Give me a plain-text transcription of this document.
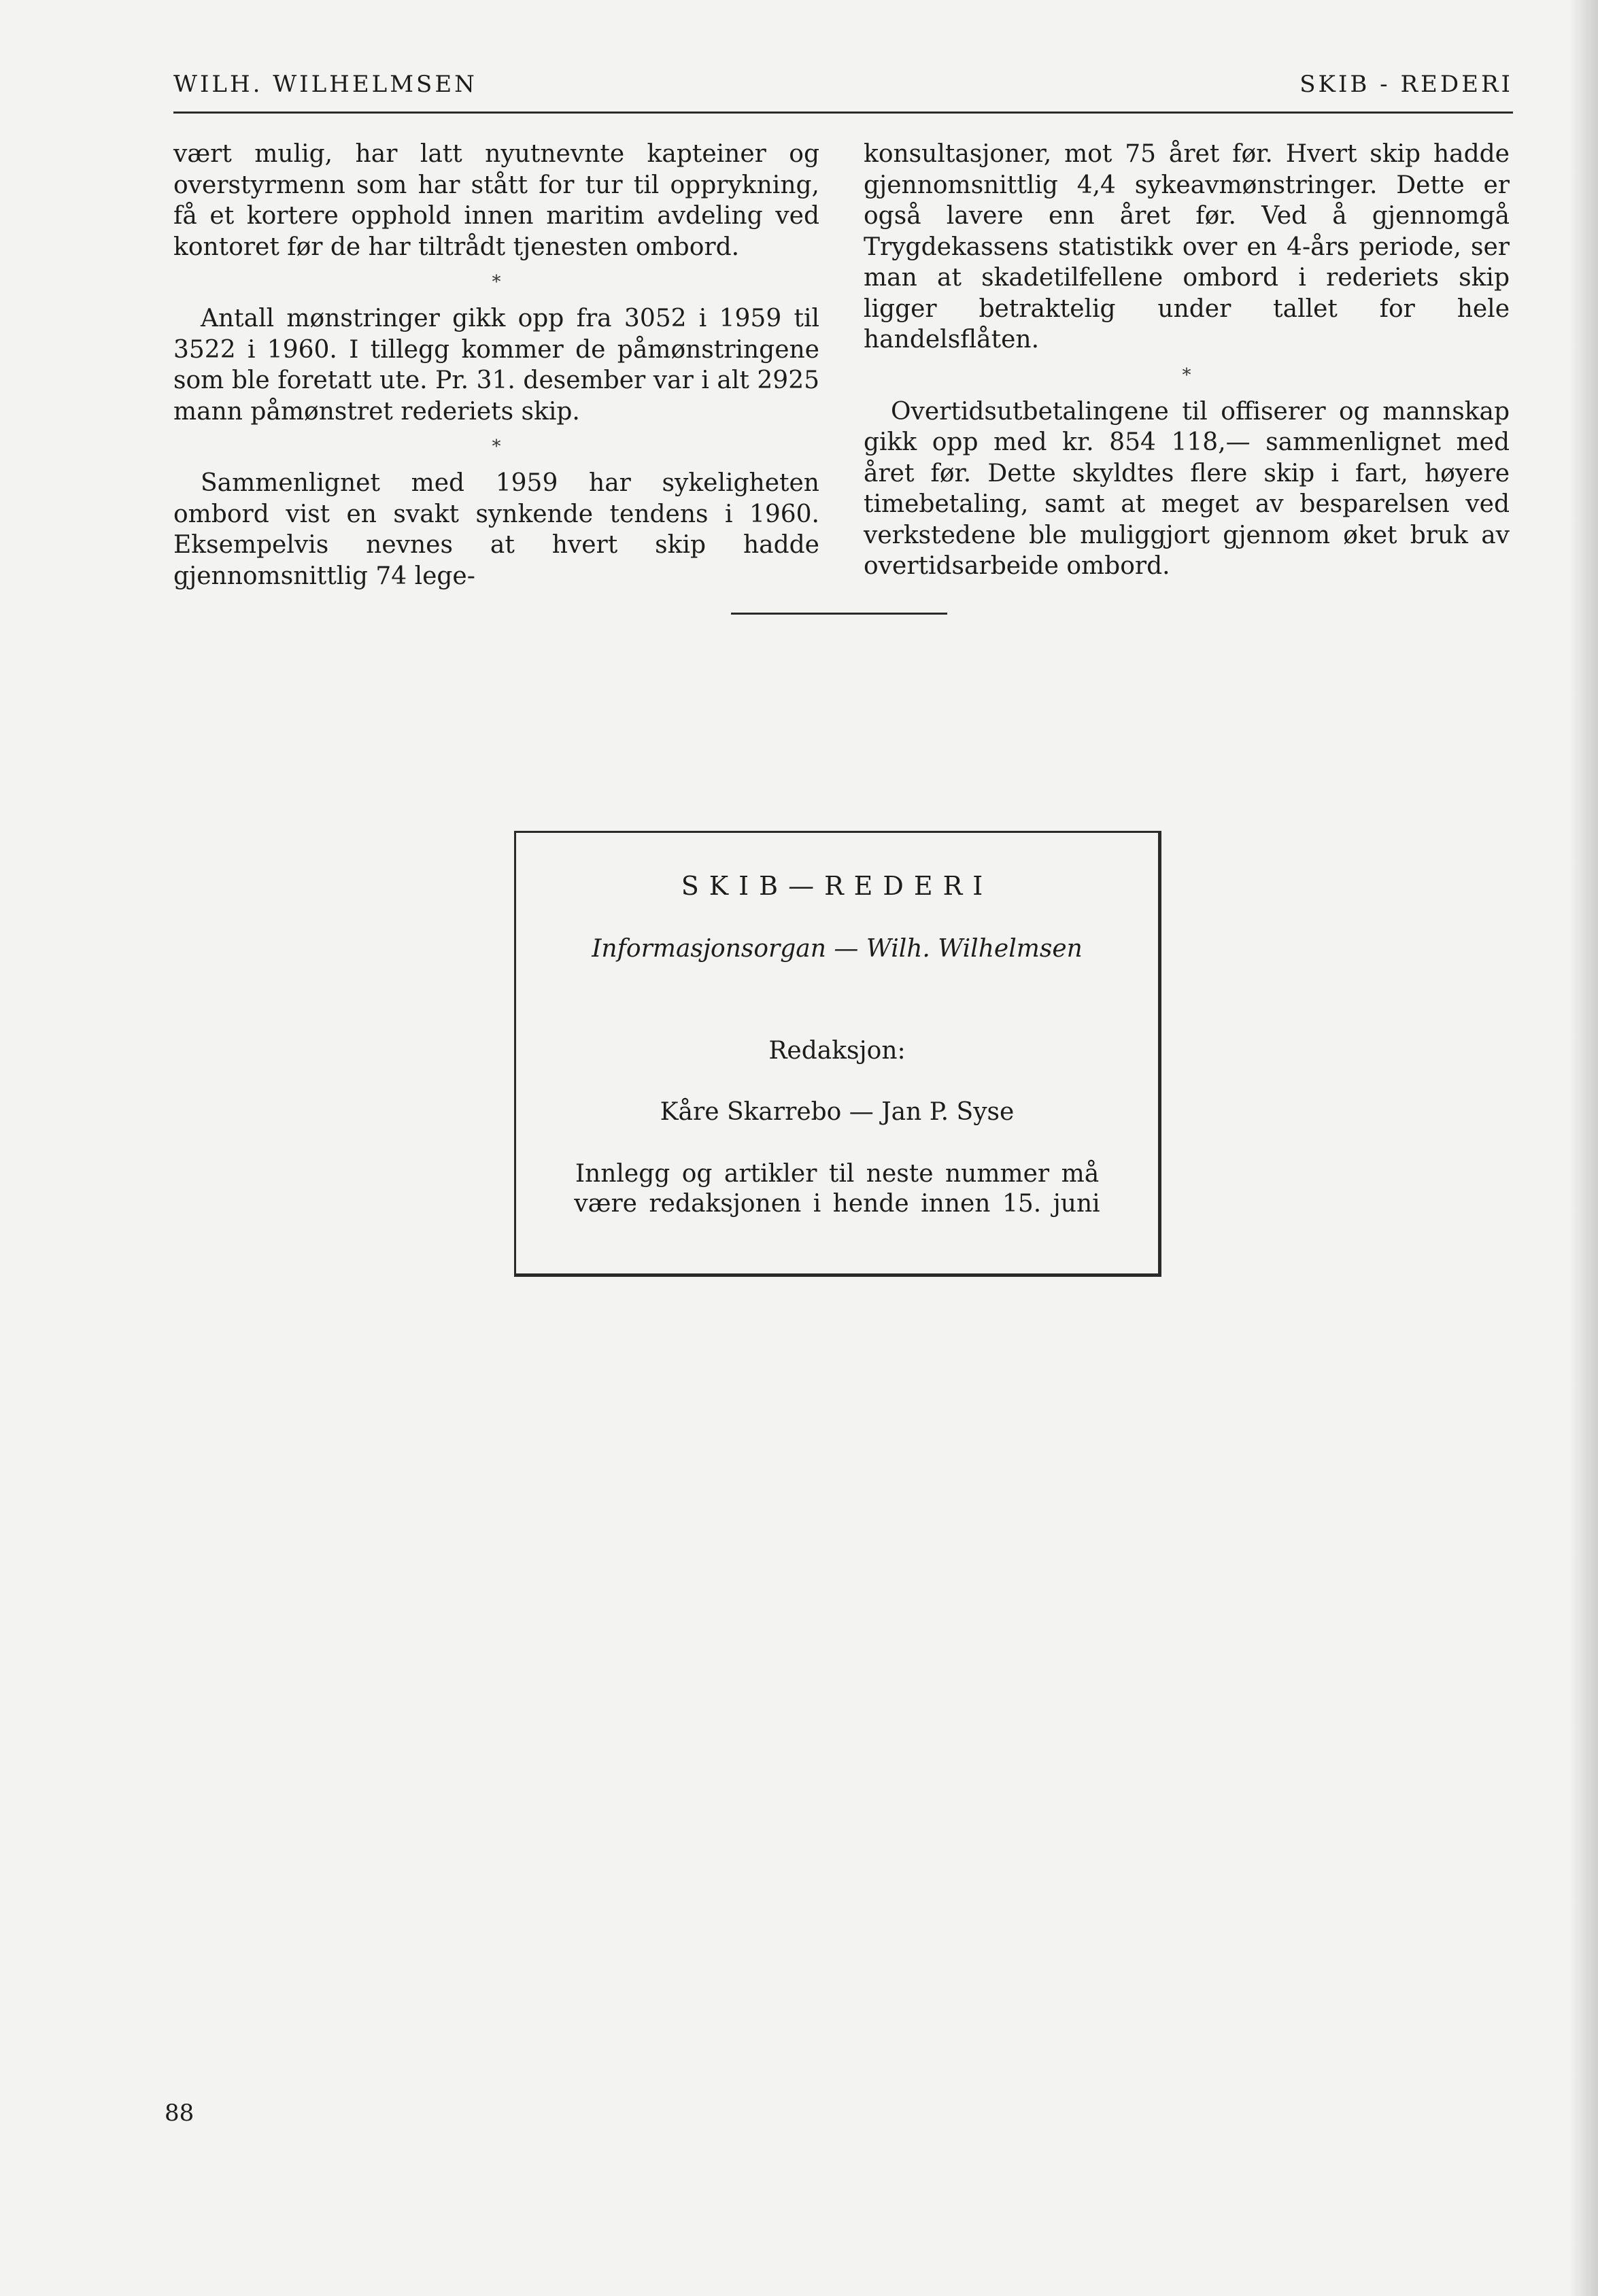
WILH. WILHELMSEN	SKIB - REDERI

vært mulig, har latt nyutnevnte kapteiner og overstyrmenn som har stått for tur til opprykning, få et kortere opphold innen maritim avdeling ved kontoret før de har tiltrådt tjenesten ombord.

*

Antall mønstringer gikk opp fra 3052 i 1959 til 3522 i 1960. I tillegg kommer de påmønstringene som ble foretatt ute. Pr. 31. desember var i alt 2925 mann påmønstret rederiets skip.

*

Sammenlignet med 1959 har sykeligheten ombord vist en svakt synkende tendens i 1960. Eksempelvis nevnes at hvert skip hadde gjennomsnittlig 74 lege-

konsultasjoner, mot 75 året før. Hvert skip hadde gjennomsnittlig 4,4 sykeavmønstringer. Dette er også lavere enn året før. Ved å gjennomgå Trygdekassens statistikk over en 4-års periode, ser man at skadetilfellene ombord i rederiets skip ligger betraktelig under tallet for hele handelsflåten.

*

Overtidsutbetalingene til offiserer og mannskap gikk opp med kr. 854 118,— sammenlignet med året før. Dette skyldtes flere skip i fart, høyere timebetaling, samt at meget av besparelsen ved verkstedene ble muliggjort gjennom øket bruk av overtidsarbeide ombord.

SKIB—REDERI
Informasjonsorgan — Wilh. Wilhelmsen
Redaksjon:
Kåre Skarrebo — Jan P. Syse
Innlegg og artikler til neste nummer må
være redaksjonen i hende innen 15. juni
88
